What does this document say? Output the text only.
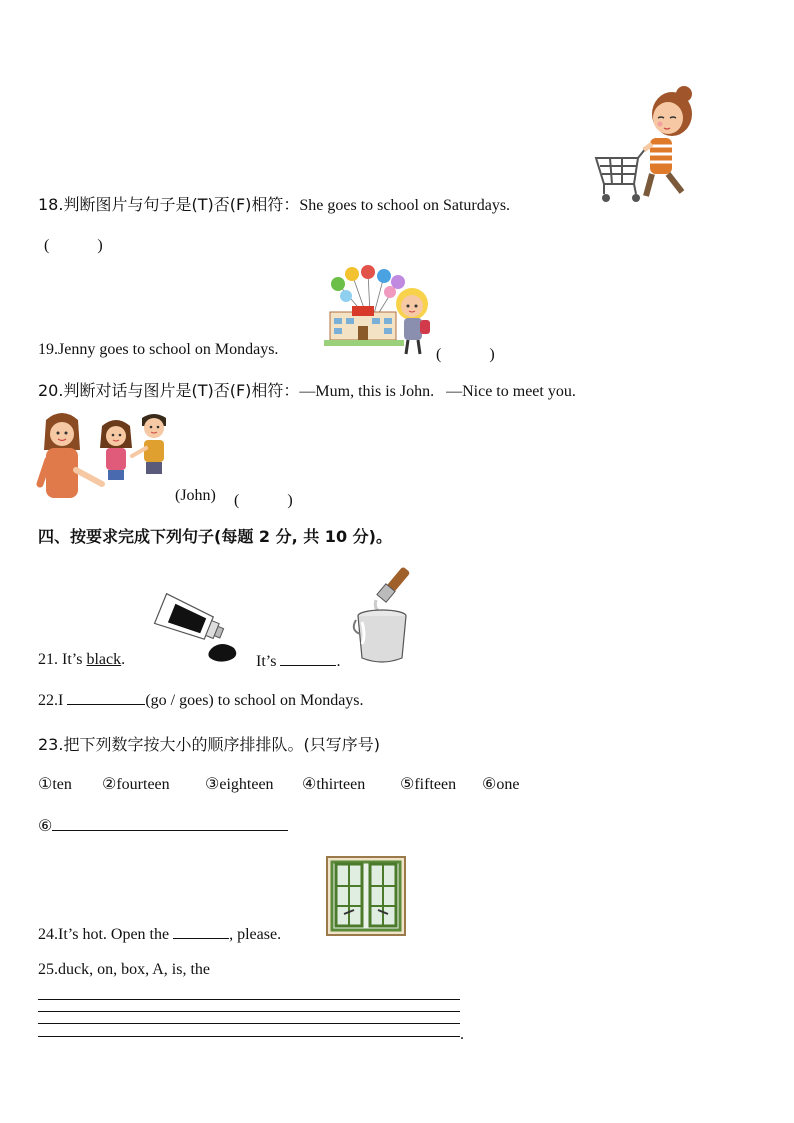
18.判断图片与句子是(T)否(F)相符：She goes to school on Saturdays.
(　　　)
19.Jenny goes to school on Mondays.	(　　　)
20.判断对话与图片是(T)否(F)相符：—Mum, this is John.   —Nice to meet you.
(John) (　　　)
四、按要求完成下列句子(每题 2 分, 共 10 分)。
21. It’s black.	It’s	.
22.I	(go / goes) to school on Mondays.
23.把下列数字按大小的顺序排排队。(只写序号)
①ten ②fourteen ③eighteen ④thirteen ⑤fifteen ⑥one
⑥
24.It’s hot. Open the	, please.
25.duck, on, box, A, is, the
.
